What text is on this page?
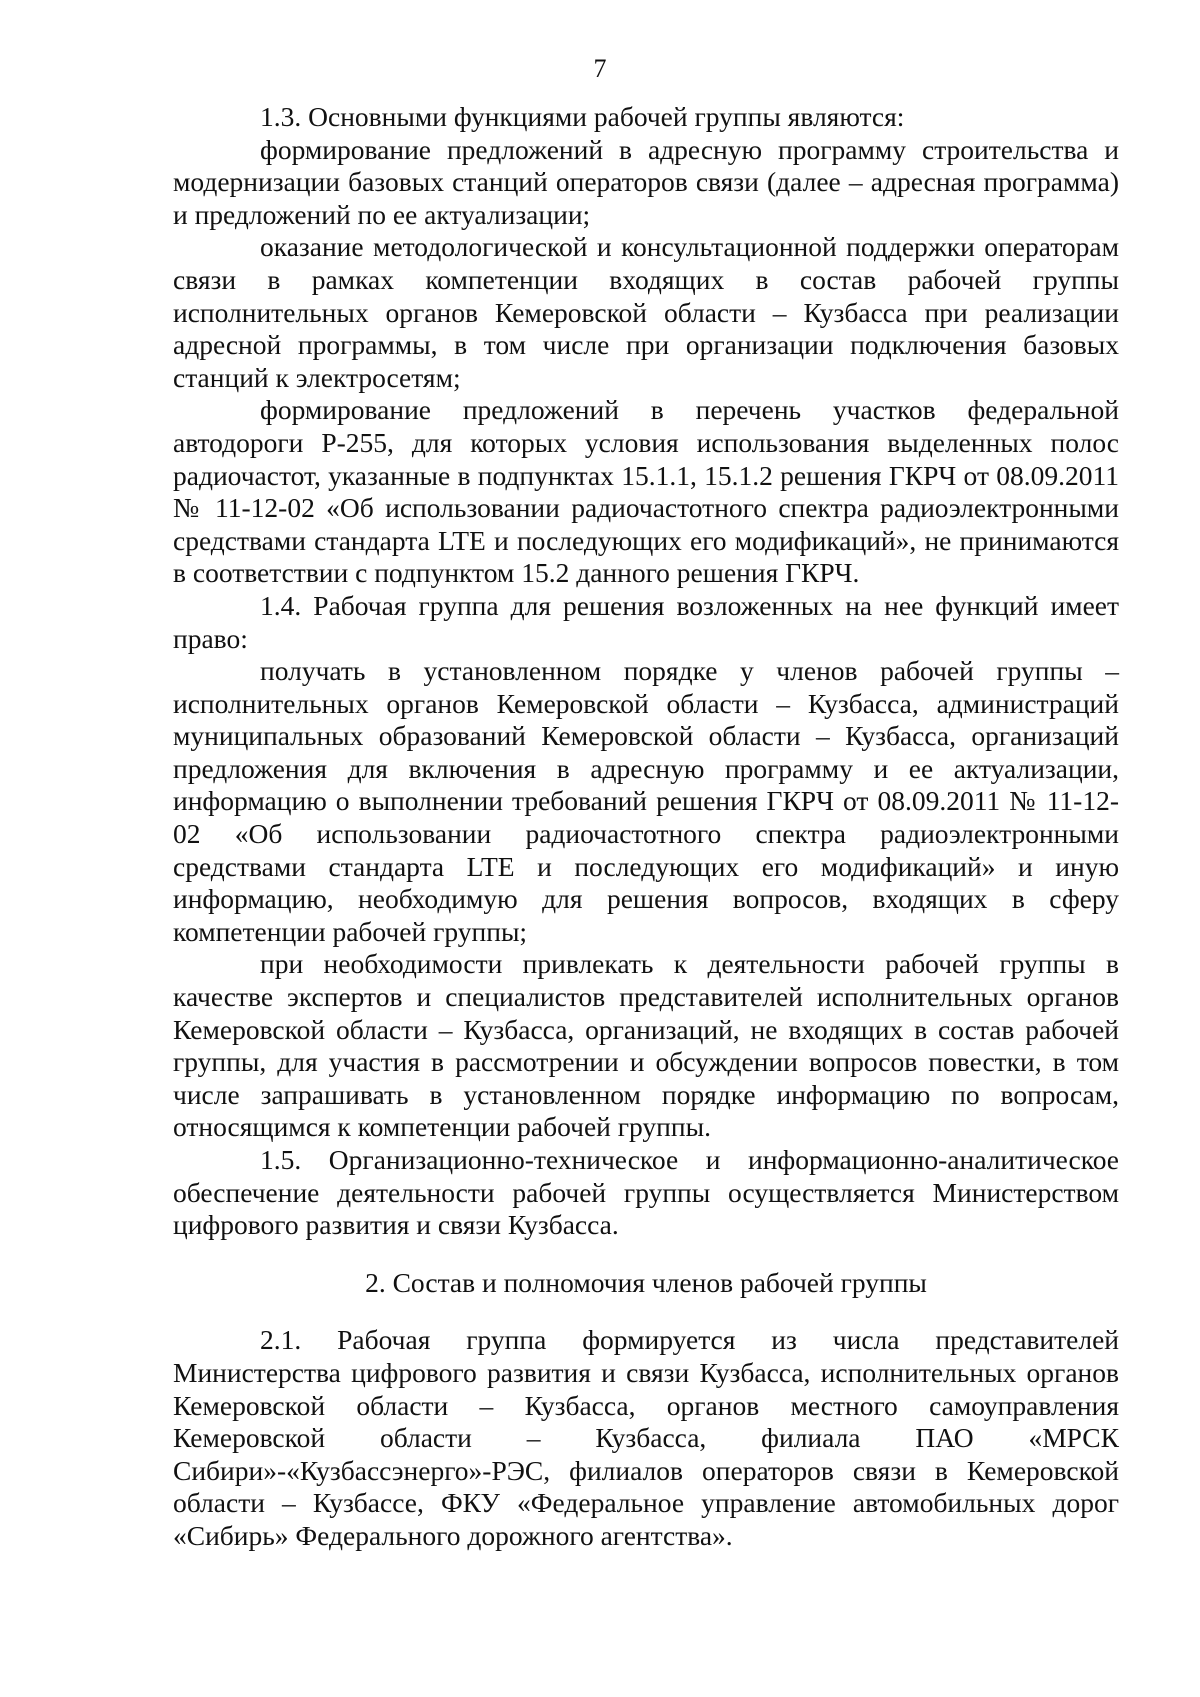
7

1.3. Основными функциями рабочей группы являются:

формирование предложений в адресную программу строительства и модернизации базовых станций операторов связи (далее – адресная программа) и предложений по ее актуализации;

оказание методологической и консультационной поддержки операторам связи в рамках компетенции входящих в состав рабочей группы исполнительных органов Кемеровской области – Кузбасса при реализации адресной программы, в том числе при организации подключения базовых станций к электросетям;

формирование предложений в перечень участков федеральной автодороги Р-255, для которых условия использования выделенных полос радиочастот, указанные в подпунктах 15.1.1, 15.1.2 решения ГКРЧ от 08.09.2011 № 11-12-02 «Об использовании радиочастотного спектра радиоэлектронными средствами стандарта LTE и последующих его модификаций», не принимаются в соответствии с подпунктом 15.2 данного решения ГКРЧ.

1.4. Рабочая группа для решения возложенных на нее функций имеет право:

получать в установленном порядке у членов рабочей группы – исполнительных органов Кемеровской области – Кузбасса, администраций муниципальных образований Кемеровской области – Кузбасса, организаций предложения для включения в адресную программу и ее актуализации, информацию о выполнении требований решения ГКРЧ от 08.09.2011 № 11-12-02 «Об использовании радиочастотного спектра радиоэлектронными средствами стандарта LTE и последующих его модификаций» и иную информацию, необходимую для решения вопросов, входящих в сферу компетенции рабочей группы;

при необходимости привлекать к деятельности рабочей группы в качестве экспертов и специалистов представителей исполнительных органов Кемеровской области – Кузбасса, организаций, не входящих в состав рабочей группы, для участия в рассмотрении и обсуждении вопросов повестки, в том числе запрашивать в установленном порядке информацию по вопросам, относящимся к компетенции рабочей группы.

1.5. Организационно-техническое и информационно-аналитическое обеспечение деятельности рабочей группы осуществляется Министерством цифрового развития и связи Кузбасса.

2. Состав и полномочия членов рабочей группы

2.1. Рабочая группа формируется из числа представителей Министерства цифрового развития и связи Кузбасса, исполнительных органов Кемеровской области – Кузбасса, органов местного самоуправления Кемеровской области – Кузбасса, филиала ПАО «МРСК Сибири»-«Кузбассэнерго»-РЭС, филиалов операторов связи в Кемеровской области – Кузбассе, ФКУ «Федеральное управление автомобильных дорог «Сибирь» Федерального дорожного агентства».
